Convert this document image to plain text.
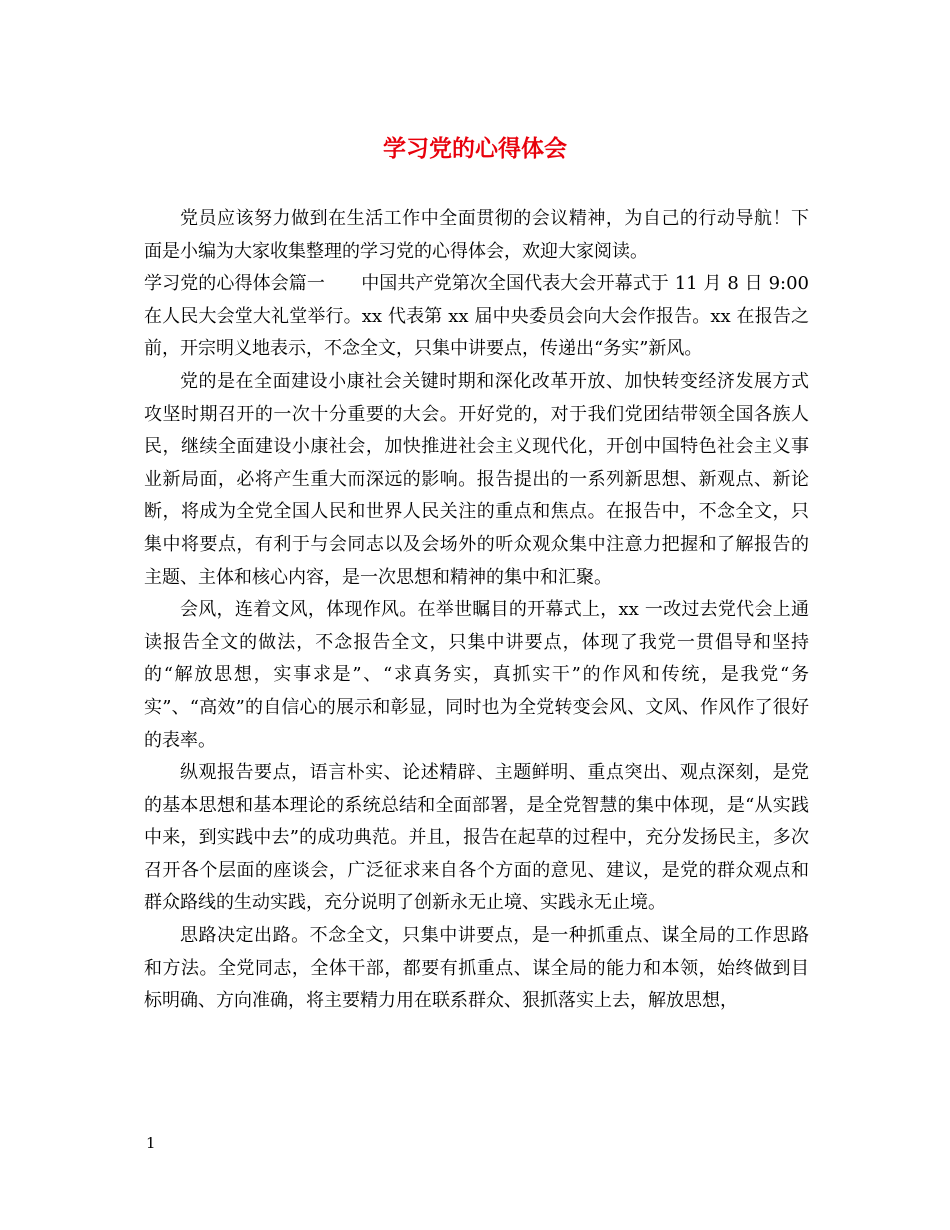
学习党的心得体会

党员应该努力做到在生活工作中全面贯彻的会议精神，为自己的行动导航！下面是小编为大家收集整理的学习党的心得体会，欢迎大家阅读。

学习党的心得体会篇一　　中国共产党第次全国代表大会开幕式于 11 月 8 日 9:00 在人民大会堂大礼堂举行。xx 代表第 xx 届中央委员会向大会作报告。xx 在报告之前，开宗明义地表示，不念全文，只集中讲要点，传递出“务实”新风。

党的是在全面建设小康社会关键时期和深化改革开放、加快转变经济发展方式攻坚时期召开的一次十分重要的大会。开好党的，对于我们党团结带领全国各族人民，继续全面建设小康社会，加快推进社会主义现代化，开创中国特色社会主义事业新局面，必将产生重大而深远的影响。报告提出的一系列新思想、新观点、新论断，将成为全党全国人民和世界人民关注的重点和焦点。在报告中，不念全文，只集中将要点，有利于与会同志以及会场外的听众观众集中注意力把握和了解报告的主题、主体和核心内容，是一次思想和精神的集中和汇聚。

会风，连着文风，体现作风。在举世瞩目的开幕式上，xx 一改过去党代会上通读报告全文的做法，不念报告全文，只集中讲要点，体现了我党一贯倡导和坚持的“解放思想，实事求是”、“求真务实，真抓实干”的作风和传统，是我党“务实”、“高效”的自信心的展示和彰显，同时也为全党转变会风、文风、作风作了很好的表率。

纵观报告要点，语言朴实、论述精辟、主题鲜明、重点突出、观点深刻，是党的基本思想和基本理论的系统总结和全面部署，是全党智慧的集中体现，是“从实践中来，到实践中去”的成功典范。并且，报告在起草的过程中，充分发扬民主，多次召开各个层面的座谈会，广泛征求来自各个方面的意见、建议，是党的群众观点和群众路线的生动实践，充分说明了创新永无止境、实践永无止境。

思路决定出路。不念全文，只集中讲要点，是一种抓重点、谋全局的工作思路和方法。全党同志，全体干部，都要有抓重点、谋全局的能力和本领，始终做到目标明确、方向准确，将主要精力用在联系群众、狠抓落实上去，解放思想，

1
